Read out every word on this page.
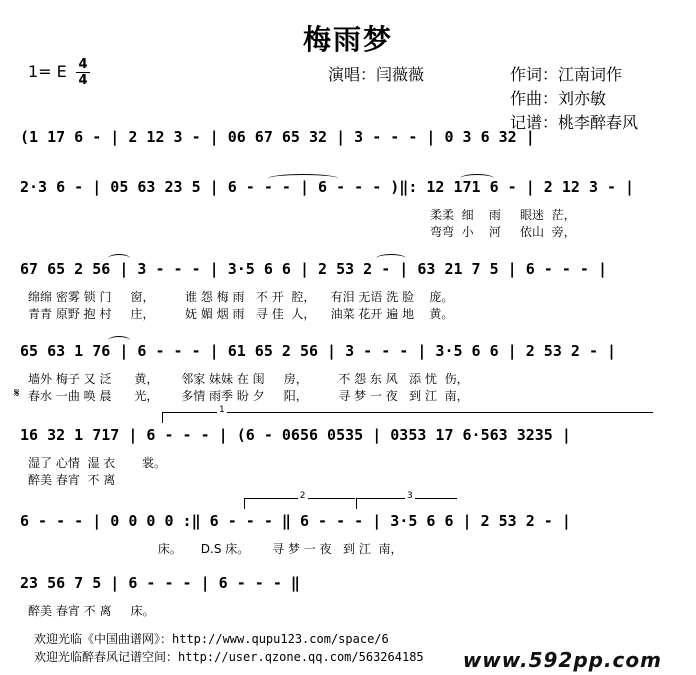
梅雨梦
1= E 4
4	演唱：闫薇薇	作词：江南词作
作曲：刘亦敏
记谱：桃李醉春风
(1 17 6 - | 2 12 3 - | 06 67 65 32 | 3 - - - | 0 3 6 32 |
2·3 6 - | 05 63 23 5 | 6 - - - | 6 - - - )‖: 12 171 6 - | 2 12 3 - |
柔柔  细    雨     眼迷  茫，
弯弯  小    河     依山  旁，
67 65 2 56 | 3 - - - | 3·5 6 6 | 2 53 2 - | 63 21 7 5 | 6 - - - |
绵绵 密雾 锁 门     窗，        谁 怨 梅 雨   不 开  腔，    有泪 无语 洗 脸    庞。
青青 原野 抱 村     庄，        妩 媚 烟 雨   寻 佳  人，    油菜 花开 遍 地    黄。
65 63 1 76 | 6 - - - | 61 65 2 56 | 3 - - - | 3·5 6 6 | 2 53 2 - |
𝄋
墙外 梅子 又 泛      黄，      邻家 妹妹 在 闺     房，        不 怨 东 风   添 忧  伤，
春水 一曲 唤 晨      光，      多情 雨季 盼 夕     阳，        寻 梦 一 夜   到 江  南，
1
16 32 1 717 | 6 - - - | (6 - 0656 0535 | 0353 17 6·563 3235 |
湿了 心情  湿 衣       裳。
醉美 春宵  不 离
2	3
6 - - - | 0 0 0 0 :‖ 6 - - - ‖ 6 - - - | 3·5 6 6 | 2 53 2 - |
床。     D.S 床。      寻 梦 一 夜   到 江  南，
23 56 7 5 | 6 - - - | 6 - - - ‖
醉美 春宵 不 离     床。
欢迎光临《中国曲谱网》：http://www.qupu123.com/space/6
欢迎光临醉春风记谱空间：http://user.qzone.qq.com/563264185 www.592pp.com
